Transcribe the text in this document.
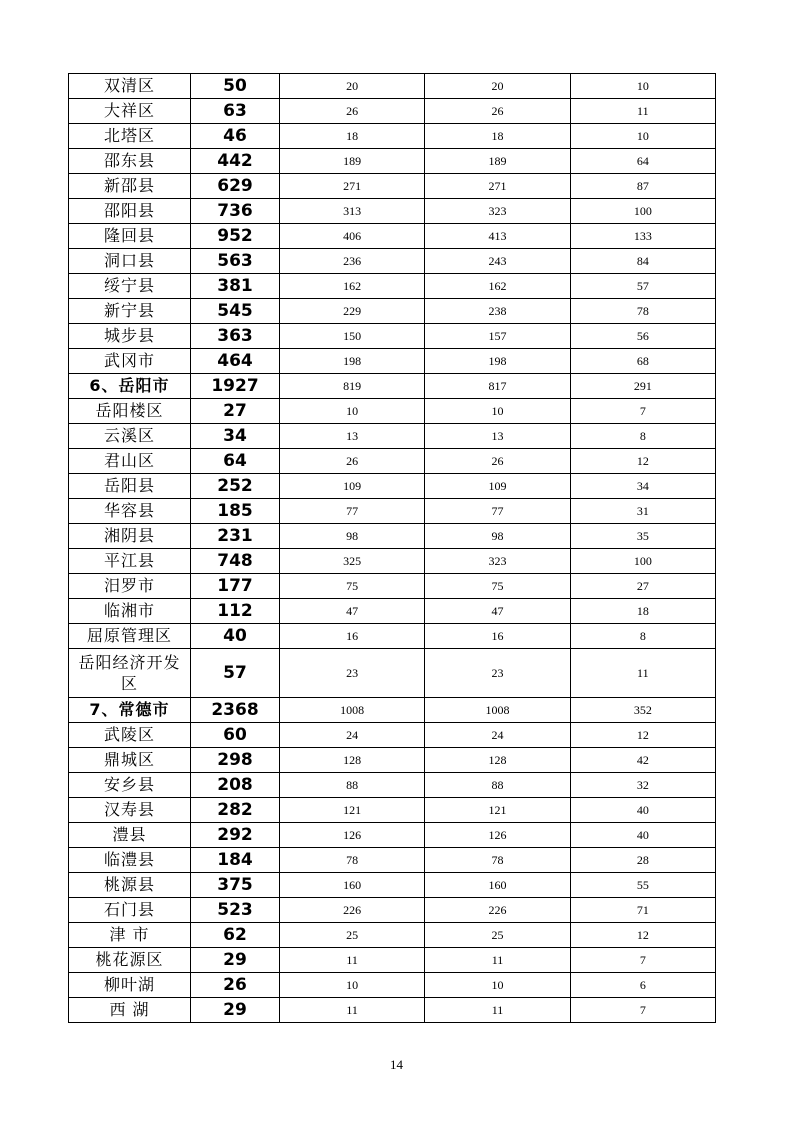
双清区	50	20	20	10
大祥区	63	26	26	11
北塔区	46	18	18	10
邵东县	442	189	189	64
新邵县	629	271	271	87
邵阳县	736	313	323	100
隆回县	952	406	413	133
洞口县	563	236	243	84
绥宁县	381	162	162	57
新宁县	545	229	238	78
城步县	363	150	157	56
武冈市	464	198	198	68
6、岳阳市	1927	819	817	291
岳阳楼区	27	10	10	7
云溪区	34	13	13	8
君山区	64	26	26	12
岳阳县	252	109	109	34
华容县	185	77	77	31
湘阴县	231	98	98	35
平江县	748	325	323	100
汨罗市	177	75	75	27
临湘市	112	47	47	18
屈原管理区	40	16	16	8
岳阳经济开发
区	57	23	23	11
7、常德市	2368	1008	1008	352
武陵区	60	24	24	12
鼎城区	298	128	128	42
安乡县	208	88	88	32
汉寿县	282	121	121	40
澧县	292	126	126	40
临澧县	184	78	78	28
桃源县	375	160	160	55
石门县	523	226	226	71
津 市	62	25	25	12
桃花源区	29	11	11	7
柳叶湖	26	10	10	6
西 湖	29	11	11	7
14
